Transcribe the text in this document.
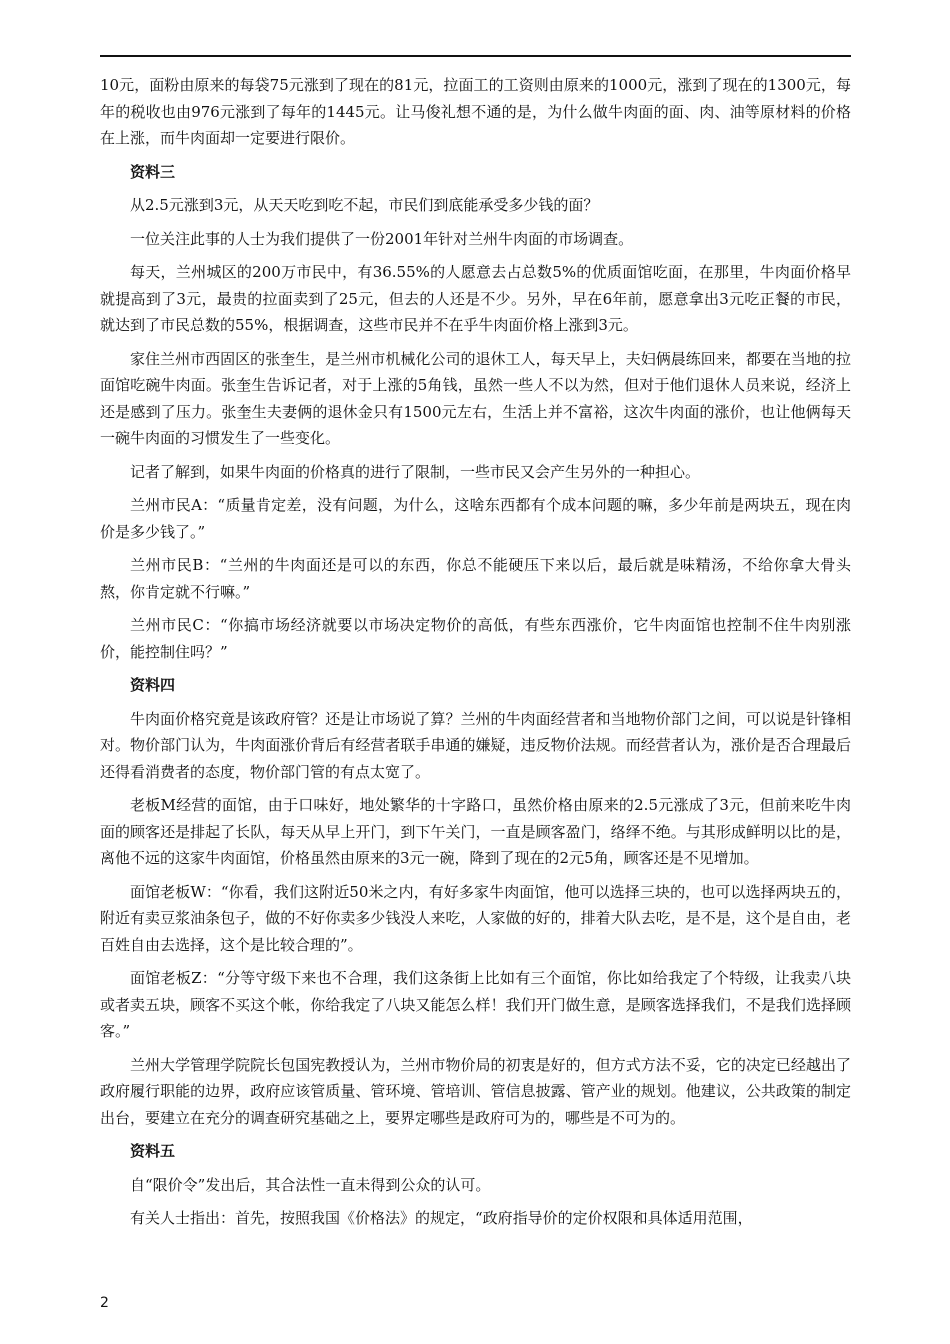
10元，面粉由原来的每袋75元涨到了现在的81元，拉面工的工资则由原来的1000元，涨到了现在的1300元，每年的税收也由976元涨到了每年的1445元。让马俊礼想不通的是，为什么做牛肉面的面、肉、油等原材料的价格在上涨，而牛肉面却一定要进行限价。

资料三

从2.5元涨到3元，从天天吃到吃不起，市民们到底能承受多少钱的面？

一位关注此事的人士为我们提供了一份2001年针对兰州牛肉面的市场调查。

每天，兰州城区的200万市民中，有36.55%的人愿意去占总数5%的优质面馆吃面，在那里，牛肉面价格早就提高到了3元，最贵的拉面卖到了25元，但去的人还是不少。另外，早在6年前，愿意拿出3元吃正餐的市民，就达到了市民总数的55%，根据调查，这些市民并不在乎牛肉面价格上涨到3元。

家住兰州市西固区的张奎生，是兰州市机械化公司的退休工人，每天早上，夫妇俩晨练回来，都要在当地的拉面馆吃碗牛肉面。张奎生告诉记者，对于上涨的5角钱，虽然一些人不以为然，但对于他们退休人员来说，经济上还是感到了压力。张奎生夫妻俩的退休金只有1500元左右，生活上并不富裕，这次牛肉面的涨价，也让他俩每天一碗牛肉面的习惯发生了一些变化。

记者了解到，如果牛肉面的价格真的进行了限制，一些市民又会产生另外的一种担心。

兰州市民A：“质量肯定差，没有问题，为什么，这啥东西都有个成本问题的嘛，多少年前是两块五，现在肉价是多少钱了。”

兰州市民B：“兰州的牛肉面还是可以的东西，你总不能硬压下来以后，最后就是味精汤，不给你拿大骨头熬，你肯定就不行嘛。”

兰州市民C：“你搞市场经济就要以市场决定物价的高低，有些东西涨价，它牛肉面馆也控制不住牛肉别涨价，能控制住吗？”

资料四

牛肉面价格究竟是该政府管？还是让市场说了算？兰州的牛肉面经营者和当地物价部门之间，可以说是针锋相对。物价部门认为，牛肉面涨价背后有经营者联手串通的嫌疑，违反物价法规。而经营者认为，涨价是否合理最后还得看消费者的态度，物价部门管的有点太宽了。

老板M经营的面馆，由于口味好，地处繁华的十字路口，虽然价格由原来的2.5元涨成了3元，但前来吃牛肉面的顾客还是排起了长队，每天从早上开门，到下午关门，一直是顾客盈门，络绎不绝。与其形成鲜明以比的是，离他不远的这家牛肉面馆，价格虽然由原来的3元一碗，降到了现在的2元5角，顾客还是不见增加。

面馆老板W：“你看，我们这附近50米之内，有好多家牛肉面馆，他可以选择三块的，也可以选择两块五的，附近有卖豆浆油条包子，做的不好你卖多少钱没人来吃，人家做的好的，排着大队去吃，是不是，这个是自由，老百姓自由去选择，这个是比较合理的”。

面馆老板Z：“分等守级下来也不合理，我们这条街上比如有三个面馆，你比如给我定了个特级，让我卖八块或者卖五块，顾客不买这个帐，你给我定了八块又能怎么样！我们开门做生意，是顾客选择我们，不是我们选择顾客。”

兰州大学管理学院院长包国宪教授认为，兰州市物价局的初衷是好的，但方式方法不妥，它的决定已经越出了政府履行职能的边界，政府应该管质量、管环境、管培训、管信息披露、管产业的规划。他建议，公共政策的制定出台，要建立在充分的调查研究基础之上，要界定哪些是政府可为的，哪些是不可为的。

资料五

自“限价令”发出后，其合法性一直未得到公众的认可。

有关人士指出：首先，按照我国《价格法》的规定，“政府指导价的定价权限和具体适用范围，

2
